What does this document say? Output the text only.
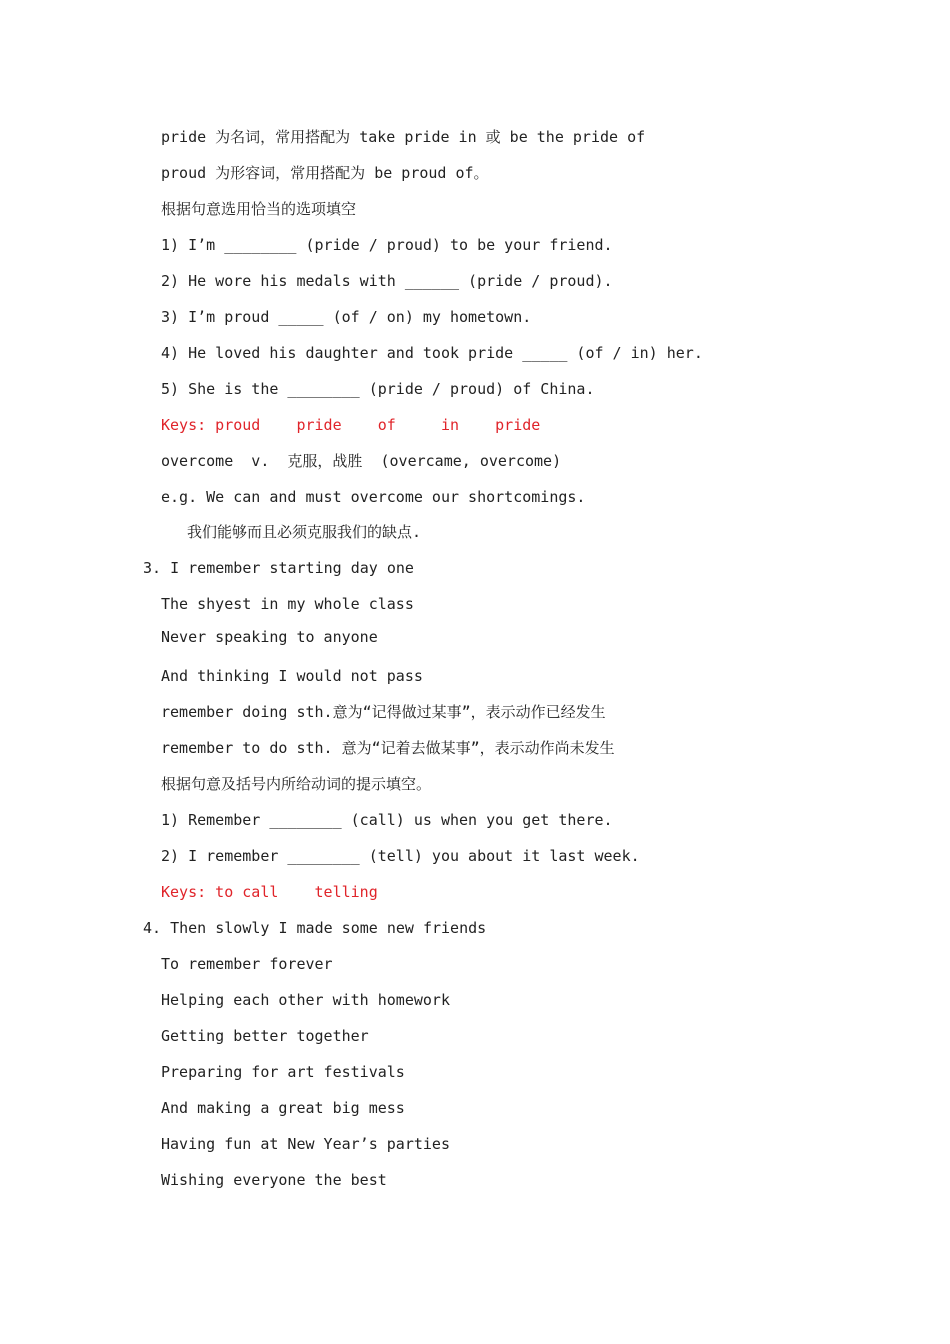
pride 为名词，常用搭配为 take pride in 或 be the pride of
proud 为形容词，常用搭配为 be proud of。
根据句意选用恰当的选项填空
1) I’m ________ (pride / proud) to be your friend.
2) He wore his medals with ______ (pride / proud).
3) I’m proud _____ (of / on) my hometown.
4) He loved his daughter and took pride _____ (of / in) her.
5) She is the ________ (pride / proud) of China.
Keys: proud    pride    of     in    pride
overcome  v.  克服，战胜  (overcame, overcome)
e.g. We can and must overcome our shortcomings.
我们能够而且必须克服我们的缺点.
3. I remember starting day one
The shyest in my whole class
Never speaking to anyone
And thinking I would not pass
remember doing sth.意为“记得做过某事”，表示动作已经发生
remember to do sth. 意为“记着去做某事”，表示动作尚未发生
根据句意及括号内所给动词的提示填空。
1) Remember ________ (call) us when you get there.
2) I remember ________ (tell) you about it last week.
Keys: to call    telling
4. Then slowly I made some new friends
To remember forever
Helping each other with homework
Getting better together
Preparing for art festivals
And making a great big mess
Having fun at New Year’s parties
Wishing everyone the best
